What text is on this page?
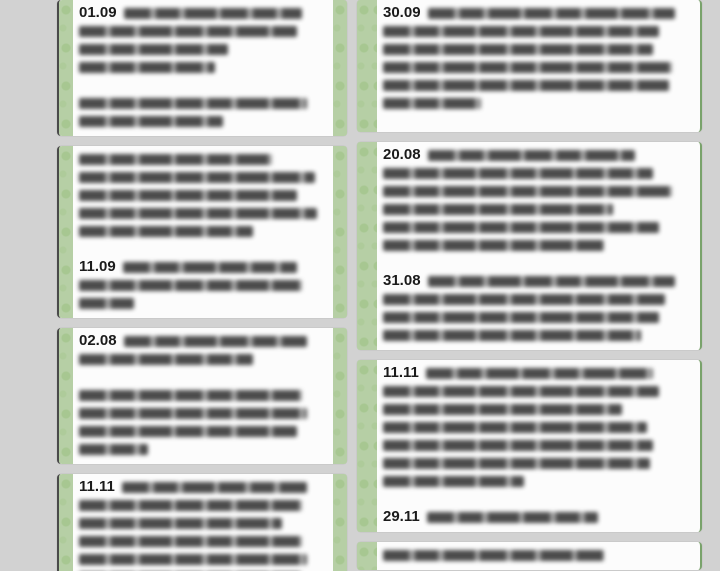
01.09
11.09
02.08
11.11
30.09
20.08
31.08
11.11
29.11
